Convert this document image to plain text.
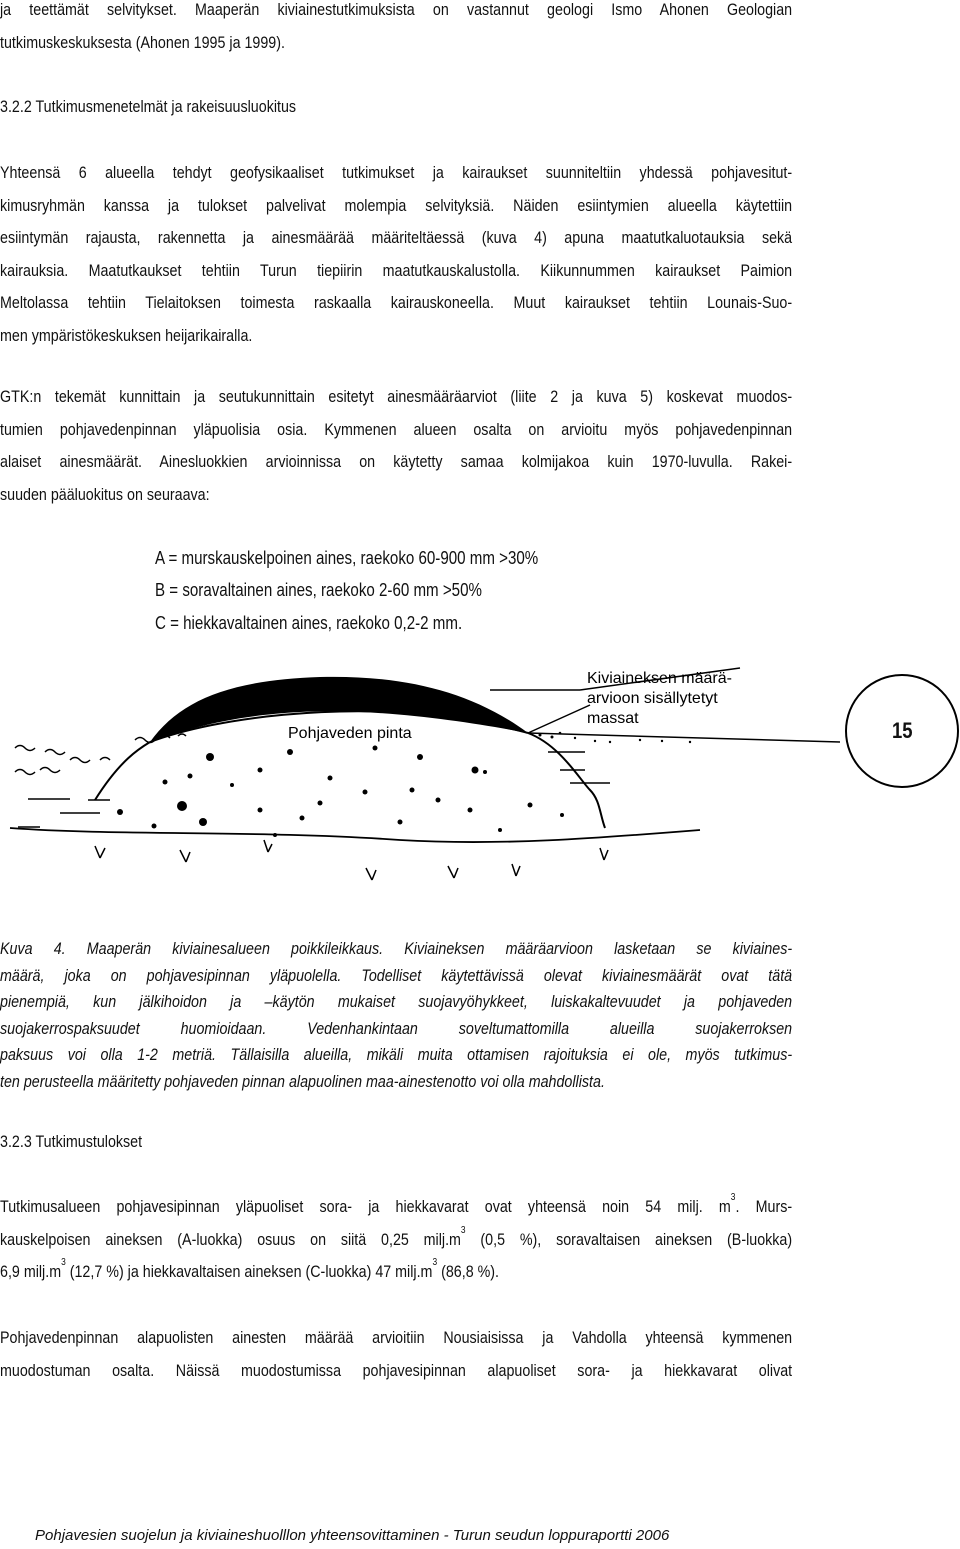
ja teettämät selvitykset. Maaperän kiviainestutkimuksista on vastannut geologi Ismo Ahonen Geologian
tutkimuskeskuksesta (Ahonen 1995 ja 1999).
3.2.2 Tutkimusmenetelmät ja rakeisuusluokitus
Yhteensä 6 alueella tehdyt geofysikaaliset tutkimukset ja kairaukset suunniteltiin yhdessä pohjavesitut-
kimusryhmän kanssa ja tulokset palvelivat molempia selvityksiä. Näiden esiintymien alueella käytettiin
esiintymän rajausta, rakennetta ja ainesmäärää määriteltäessä (kuva 4) apuna maatutkaluotauksia sekä
kairauksia. Maatutkaukset tehtiin Turun tiepiirin maatutkauskalustolla. Kiikunnummen kairaukset Paimion
Meltolassa tehtiin Tielaitoksen toimesta raskaalla kairauskoneella. Muut kairaukset tehtiin Lounais-Suo-
men ympäristökeskuksen heijarikairalla.
GTK:n tekemät kunnittain ja seutukunnittain esitetyt ainesmääräarviot (liite 2 ja kuva 5) koskevat muodos-
tumien pohjavedenpinnan yläpuolisia osia. Kymmenen alueen osalta on arvioitu myös pohjavedenpinnan
alaiset ainesmäärät. Ainesluokkien arvioinnissa on käytetty samaa kolmijakoa kuin 1970-luvulla. Rakei-
suuden pääluokitus on seuraava:
A = murskauskelpoinen aines, raekoko 60-900 mm >30%
B = soravaltainen aines, raekoko 2-60 mm >50%
C = hiekkavaltainen aines, raekoko 0,2-2 mm.
Pohjaveden pinta
Kiviaineksen määrä-
arvioon sisällytetyt
massat	15
Kuva 4. Maaperän kiviainesalueen poikkileikkaus. Kiviaineksen määräarvioon lasketaan se kiviaines-
määrä, joka on pohjavesipinnan yläpuolella. Todelliset käytettävissä olevat kiviainesmäärät ovat tätä
pienempiä, kun jälkihoidon ja –käytön mukaiset suojavyöhykkeet, luiskakaltevuudet ja pohjaveden
suojakerrospaksuudet huomioidaan. Vedenhankintaan soveltumattomilla alueilla suojakerroksen
paksuus voi olla 1-2 metriä. Tällaisilla alueilla, mikäli muita ottamisen rajoituksia ei ole, myös tutkimus-
ten perusteella määritetty pohjaveden pinnan alapuolinen maa-ainestenotto voi olla mahdollista.
3.2.3 Tutkimustulokset
Tutkimusalueen pohjavesipinnan yläpuoliset sora- ja hiekkavarat ovat yhteensä noin 54 milj. $m^3$. Murs-
kauskelpoisen aineksen (A-luokka) osuus on siitä 0,25 $milj.m^3$ (0,5 %), soravaltaisen aineksen (B-luokka)
6,9 $milj.m^3$ (12,7 %) ja hiekkavaltaisen aineksen (C-luokka) 47 $milj.m^3$ (86,8 %).
Pohjavedenpinnan alapuolisten ainesten määrää arvioitiin Nousiaisissa ja Vahdolla yhteensä kymmenen
muodostuman osalta. Näissä muodostumissa pohjavesipinnan alapuoliset sora- ja hiekkavarat olivat
Pohjavesien suojelun ja kiviaineshuolllon yhteensovittaminen - Turun seudun loppuraportti 2006
